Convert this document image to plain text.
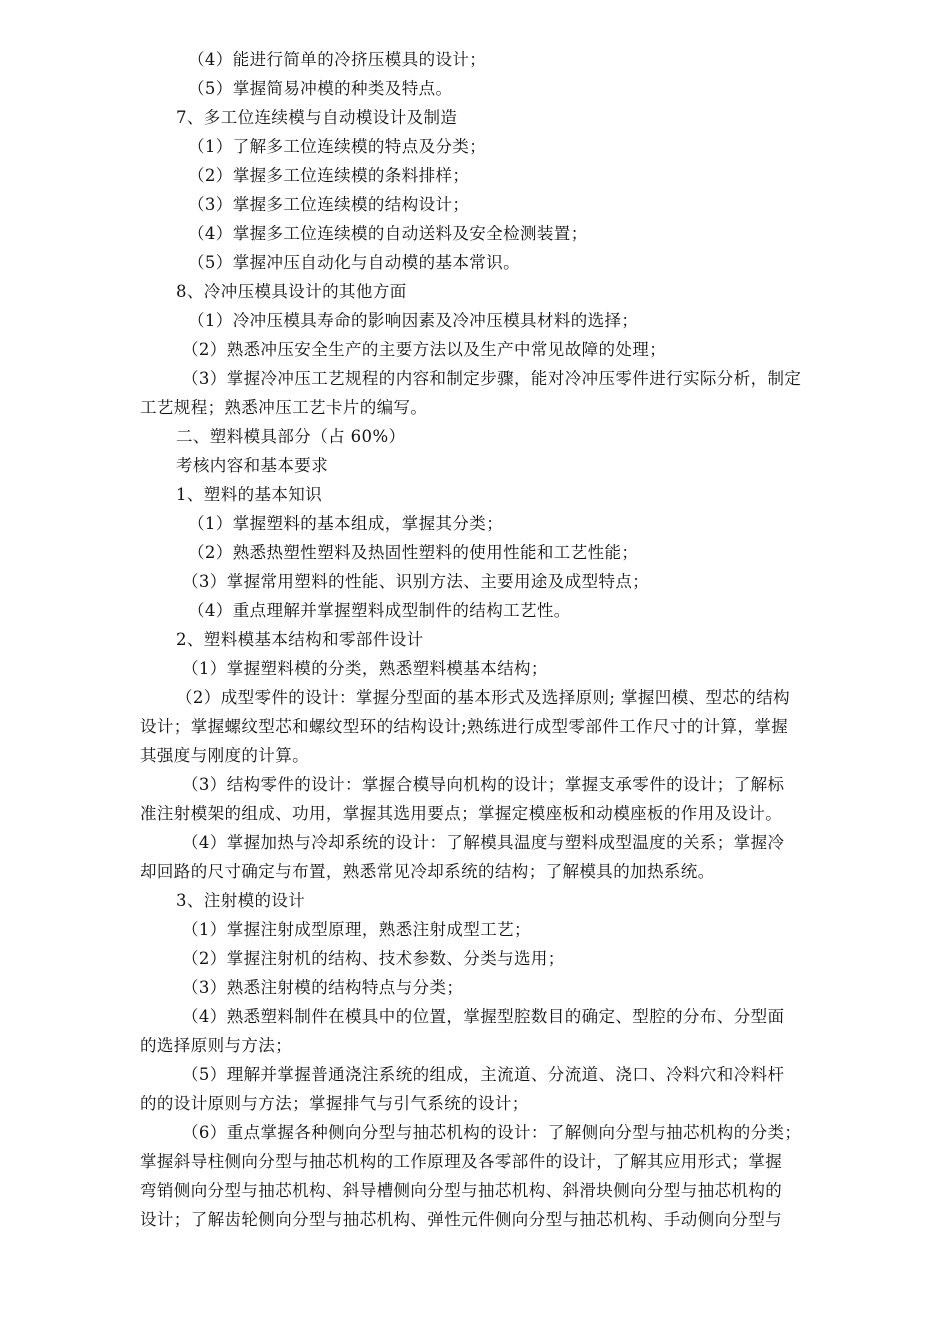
（4）能进行简单的冷挤压模具的设计；
（5）掌握简易冲模的种类及特点。
7、多工位连续模与自动模设计及制造
（1）了解多工位连续模的特点及分类；
（2）掌握多工位连续模的条料排样；
（3）掌握多工位连续模的结构设计；
（4）掌握多工位连续模的自动送料及安全检测装置；
（5）掌握冲压自动化与自动模的基本常识。
8、冷冲压模具设计的其他方面
（1）冷冲压模具寿命的影响因素及冷冲压模具材料的选择；
（2）熟悉冲压安全生产的主要方法以及生产中常见故障的处理；
（3）掌握冷冲压工艺规程的内容和制定步骤，能对冷冲压零件进行实际分析，制定
工艺规程；熟悉冲压工艺卡片的编写。
二、塑料模具部分（占 60%）
考核内容和基本要求
1、塑料的基本知识
（1）掌握塑料的基本组成，掌握其分类；
（2）熟悉热塑性塑料及热固性塑料的使用性能和工艺性能；
（3）掌握常用塑料的性能、识别方法、主要用途及成型特点；
（4）重点理解并掌握塑料成型制件的结构工艺性。
2、塑料模基本结构和零部件设计
（1）掌握塑料模的分类，熟悉塑料模基本结构；
（2）成型零件的设计：掌握分型面的基本形式及选择原则; 掌握凹模、型芯的结构
设计；掌握螺纹型芯和螺纹型环的结构设计;熟练进行成型零部件工作尺寸的计算，掌握
其强度与刚度的计算。
（3）结构零件的设计：掌握合模导向机构的设计；掌握支承零件的设计；了解标
准注射模架的组成、功用，掌握其选用要点；掌握定模座板和动模座板的作用及设计。
（4）掌握加热与冷却系统的设计：了解模具温度与塑料成型温度的关系；掌握冷
却回路的尺寸确定与布置，熟悉常见冷却系统的结构；了解模具的加热系统。
3、注射模的设计
（1）掌握注射成型原理，熟悉注射成型工艺；
（2）掌握注射机的结构、技术参数、分类与选用；
（3）熟悉注射模的结构特点与分类；
（4）熟悉塑料制件在模具中的位置，掌握型腔数目的确定、型腔的分布、分型面
的选择原则与方法；
（5）理解并掌握普通浇注系统的组成，主流道、分流道、浇口、冷料穴和冷料杆
的的设计原则与方法；掌握排气与引气系统的设计；
（6）重点掌握各种侧向分型与抽芯机构的设计：了解侧向分型与抽芯机构的分类；
掌握斜导柱侧向分型与抽芯机构的工作原理及各零部件的设计，了解其应用形式；掌握
弯销侧向分型与抽芯机构、斜导槽侧向分型与抽芯机构、斜滑块侧向分型与抽芯机构的
设计；了解齿轮侧向分型与抽芯机构、弹性元件侧向分型与抽芯机构、手动侧向分型与
